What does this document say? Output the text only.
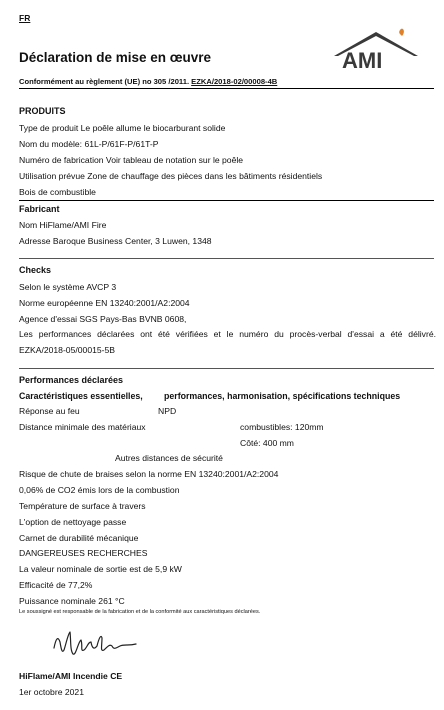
FR
Déclaration de mise en œuvre
Conformément au règlement (UE) no 305 /2011. EZKA/2018-02/00008-4B
AMI
PRODUITS
Type de produit Le poêle allume le biocarburant solide
Nom du modèle: 61L-P/61F-P/61T-P
Numéro de fabrication Voir tableau de notation sur le poêle
Utilisation prévue Zone de chauffage des pièces dans les bâtiments résidentiels
Bois de combustible
Fabricant
Nom HiFlame/AMI Fire
Adresse Baroque Business Center, 3 Luwen, 1348
Checks
Selon le système AVCP 3
Norme européenne EN 13240:2001/A2:2004
Agence d'essai SGS Pays-Bas BVNB 0608,
Les performances déclarées ont été vérifiées et le numéro du procès-verbal d'essai a été délivré. EZKA/2018-05/00015-5B
Performances déclarées
Caractéristiques essentielles, performances, harmonisation, spécifications techniques
Réponse au feu	NPD
Distance minimale des matériaux	combustibles: 120mm
Côté: 400 mm
Autres distances de sécurité
Risque de chute de braises selon la norme EN 13240:2001/A2:2004
0,06% de CO2 émis lors de la combustion
Température de surface à travers
L'option de nettoyage passe
Carnet de durabilité mécanique
DANGEREUSES RECHERCHES
La valeur nominale de sortie est de 5,9 kW
Efficacité de 77,2%
Puissance nominale 261 °C
Le soussigné est responsable de la fabrication et de la conformité aux caractéristiques déclarées.
HiFlame/AMI Incendie CE
1er octobre 2021
